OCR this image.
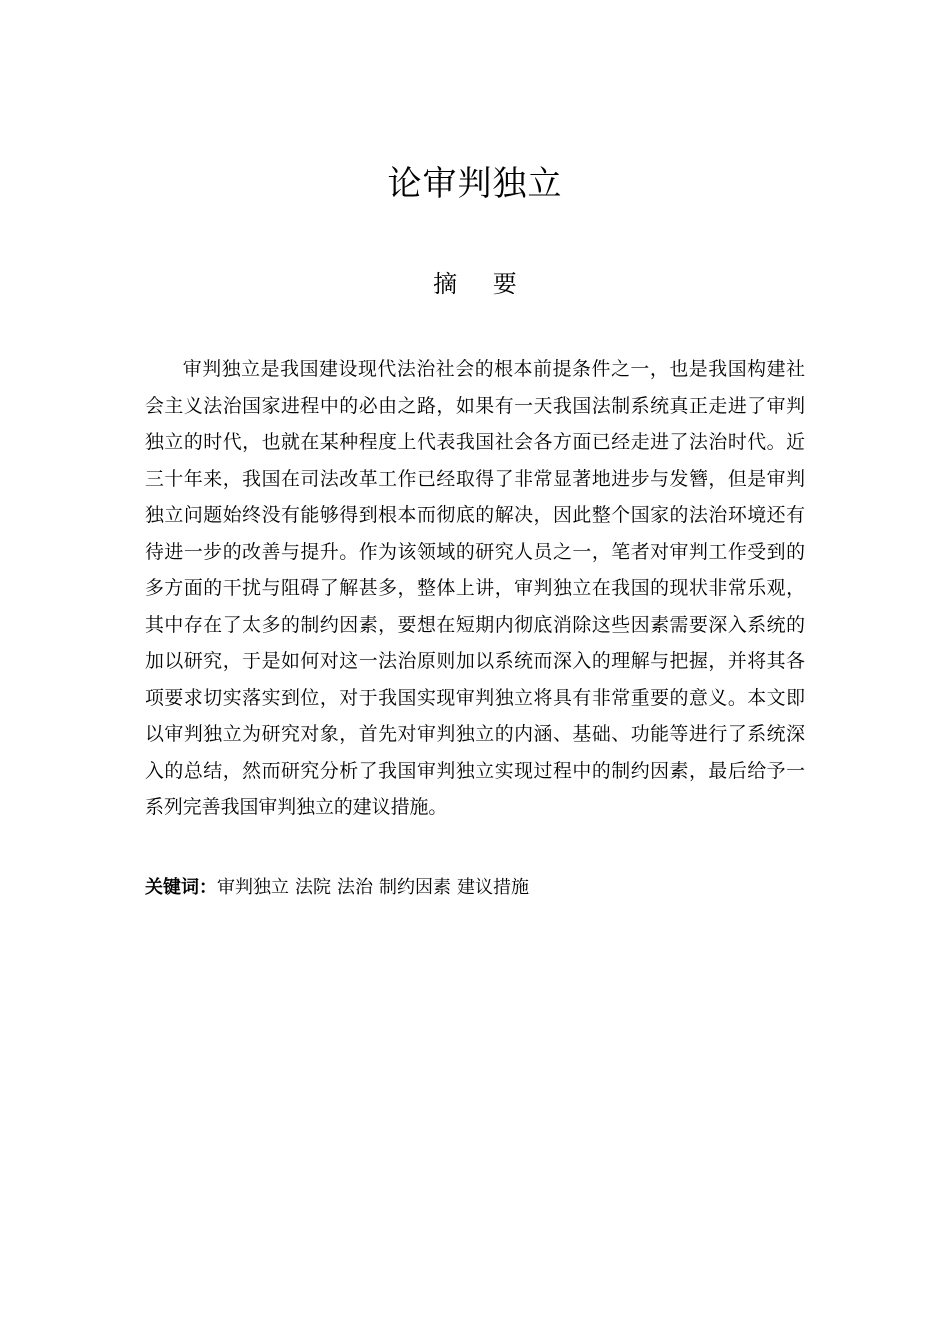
论审判独立
摘 要

审判独立是我国建设现代法治社会的根本前提条件之一，也是我国构建社会主义法治国家进程中的必由之路，如果有一天我国法制系统真正走进了审判独立的时代，也就在某种程度上代表我国社会各方面已经走进了法治时代。近三十年来，我国在司法改革工作已经取得了非常显著地进步与发簪，但是审判独立问题始终没有能够得到根本而彻底的解决，因此整个国家的法治环境还有待进一步的改善与提升。作为该领域的研究人员之一，笔者对审判工作受到的多方面的干扰与阻碍了解甚多，整体上讲，审判独立在我国的现状非常乐观，其中存在了太多的制约因素，要想在短期内彻底消除这些因素需要深入系统的加以研究，于是如何对这一法治原则加以系统而深入的理解与把握，并将其各项要求切实落实到位，对于我国实现审判独立将具有非常重要的意义。本文即以审判独立为研究对象，首先对审判独立的内涵、基础、功能等进行了系统深入的总结，然而研究分析了我国审判独立实现过程中的制约因素，最后给予一系列完善我国审判独立的建议措施。

关键词：审判独立 法院 法治 制约因素 建议措施
